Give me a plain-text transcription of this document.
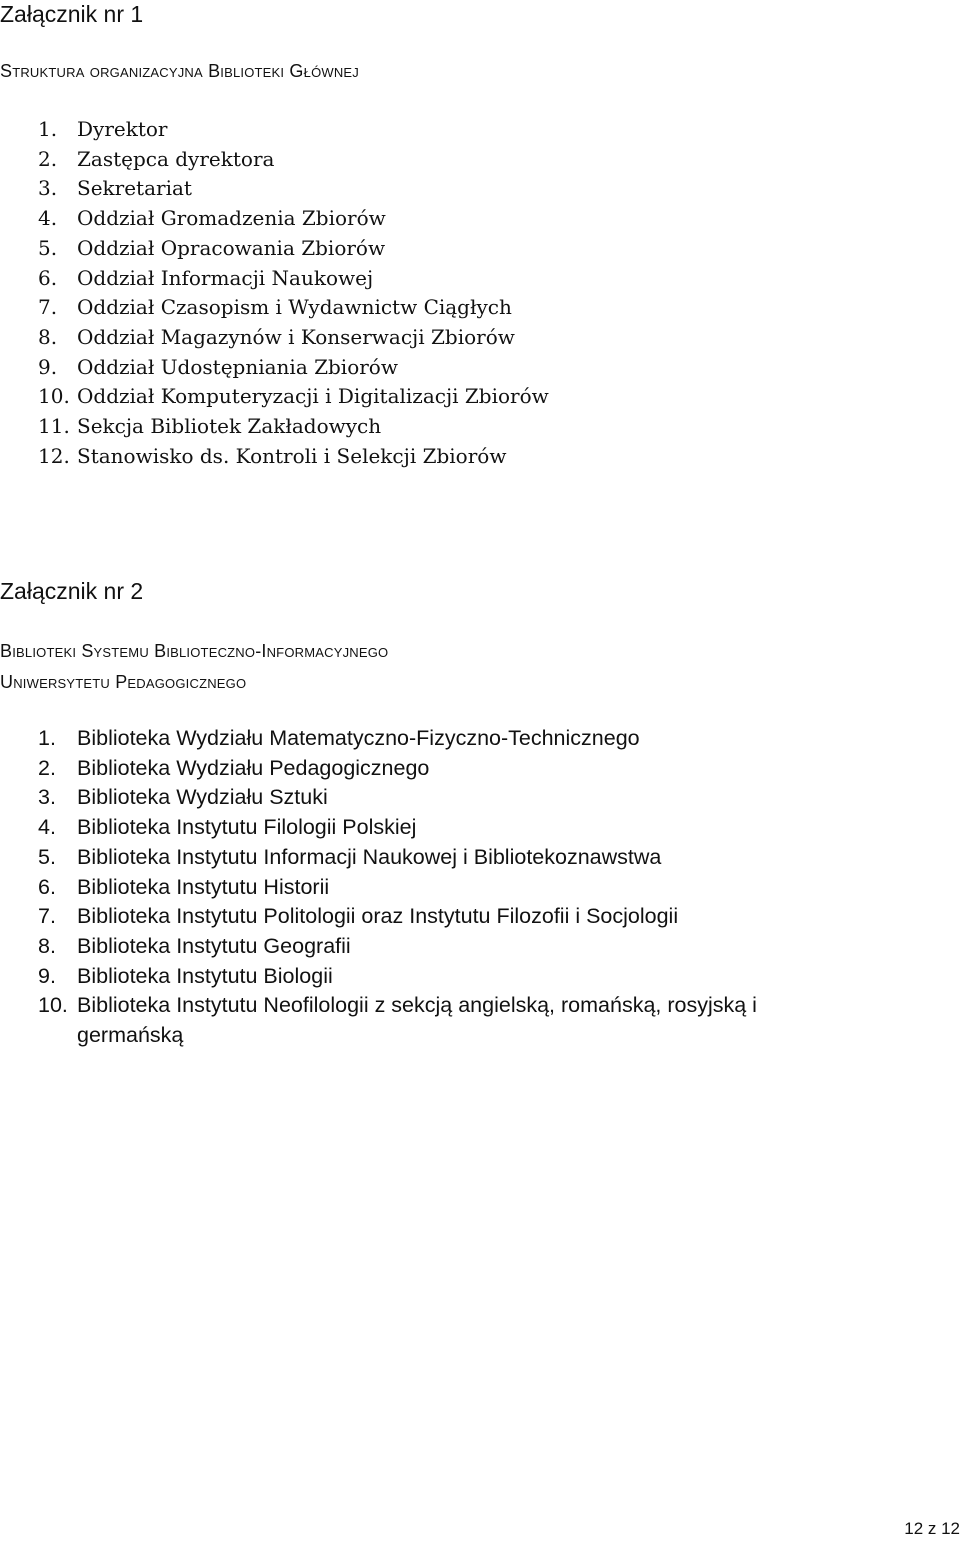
Załącznik nr 1
Struktura organizacyjna Biblioteki Głównej
1. Dyrektor
2. Zastępca dyrektora
3. Sekretariat
4. Oddział Gromadzenia Zbiorów
5. Oddział Opracowania Zbiorów
6. Oddział Informacji Naukowej
7. Oddział Czasopism i Wydawnictw Ciągłych
8. Oddział Magazynów i Konserwacji Zbiorów
9. Oddział Udostępniania Zbiorów
10. Oddział Komputeryzacji i Digitalizacji Zbiorów
11. Sekcja Bibliotek Zakładowych
12. Stanowisko ds. Kontroli i Selekcji Zbiorów
Załącznik nr 2
Biblioteki Systemu Biblioteczno-Informacyjnego
Uniwersytetu Pedagogicznego
1. Biblioteka Wydziału Matematyczno-Fizyczno-Technicznego
2. Biblioteka Wydziału Pedagogicznego
3. Biblioteka Wydziału Sztuki
4. Biblioteka Instytutu Filologii Polskiej
5. Biblioteka Instytutu Informacji Naukowej i Bibliotekoznawstwa
6. Biblioteka Instytutu Historii
7. Biblioteka Instytutu Politologii oraz Instytutu Filozofii i Socjologii
8. Biblioteka Instytutu Geografii
9. Biblioteka Instytutu Biologii
10. Biblioteka Instytutu Neofilologii z sekcją angielską, romańską, rosyjską i germańską
12 z 12
